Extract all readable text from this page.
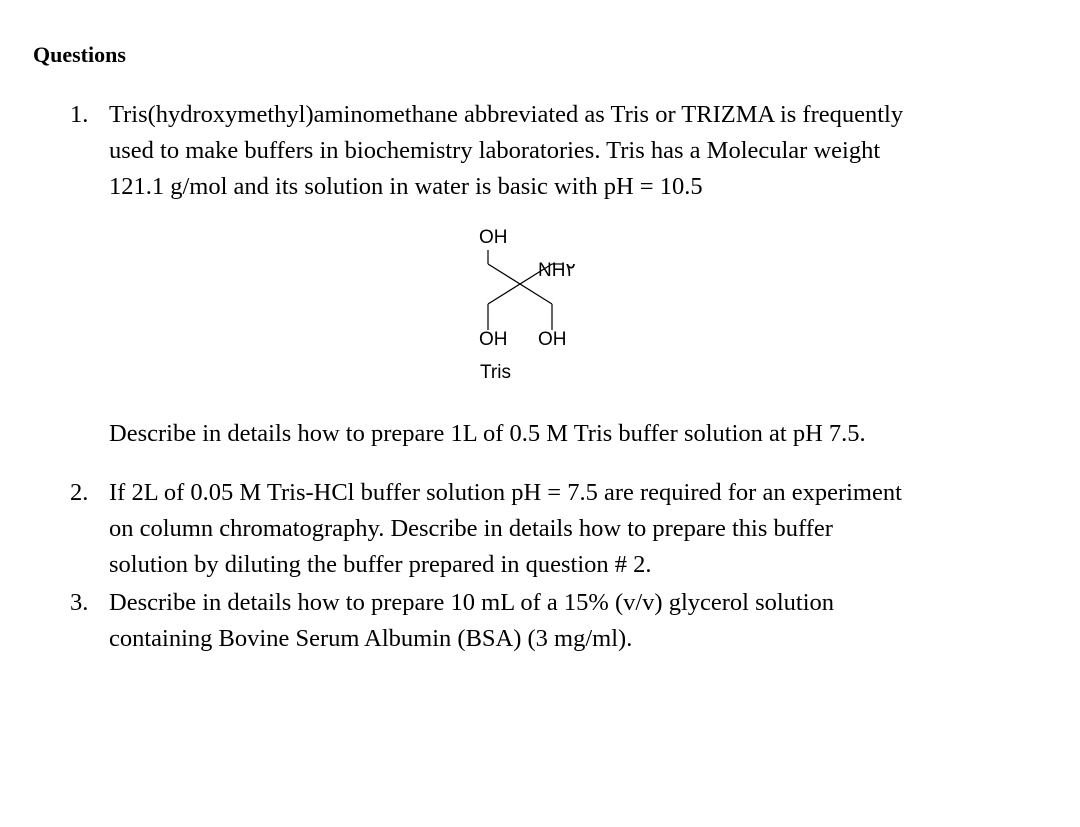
Questions
1. Tris(hydroxymethyl)aminomethane abbreviated as Tris or TRIZMA is frequently
used to make buffers in biochemistry laboratories. Tris has a Molecular weight
121.1 g/mol and its solution in water is basic with pH = 10.5
OH
NH٢
OH OH
Tris
Describe in details how to prepare 1L of 0.5 M Tris buffer solution at pH 7.5.
2. If 2L of 0.05 M Tris-HCl buffer solution pH = 7.5 are required for an experiment
on column chromatography. Describe in details how to prepare this buffer
solution by diluting the buffer prepared in question # 2.
3. Describe in details how to prepare 10 mL of a 15% (v/v) glycerol solution
containing Bovine Serum Albumin (BSA) (3 mg/ml).
